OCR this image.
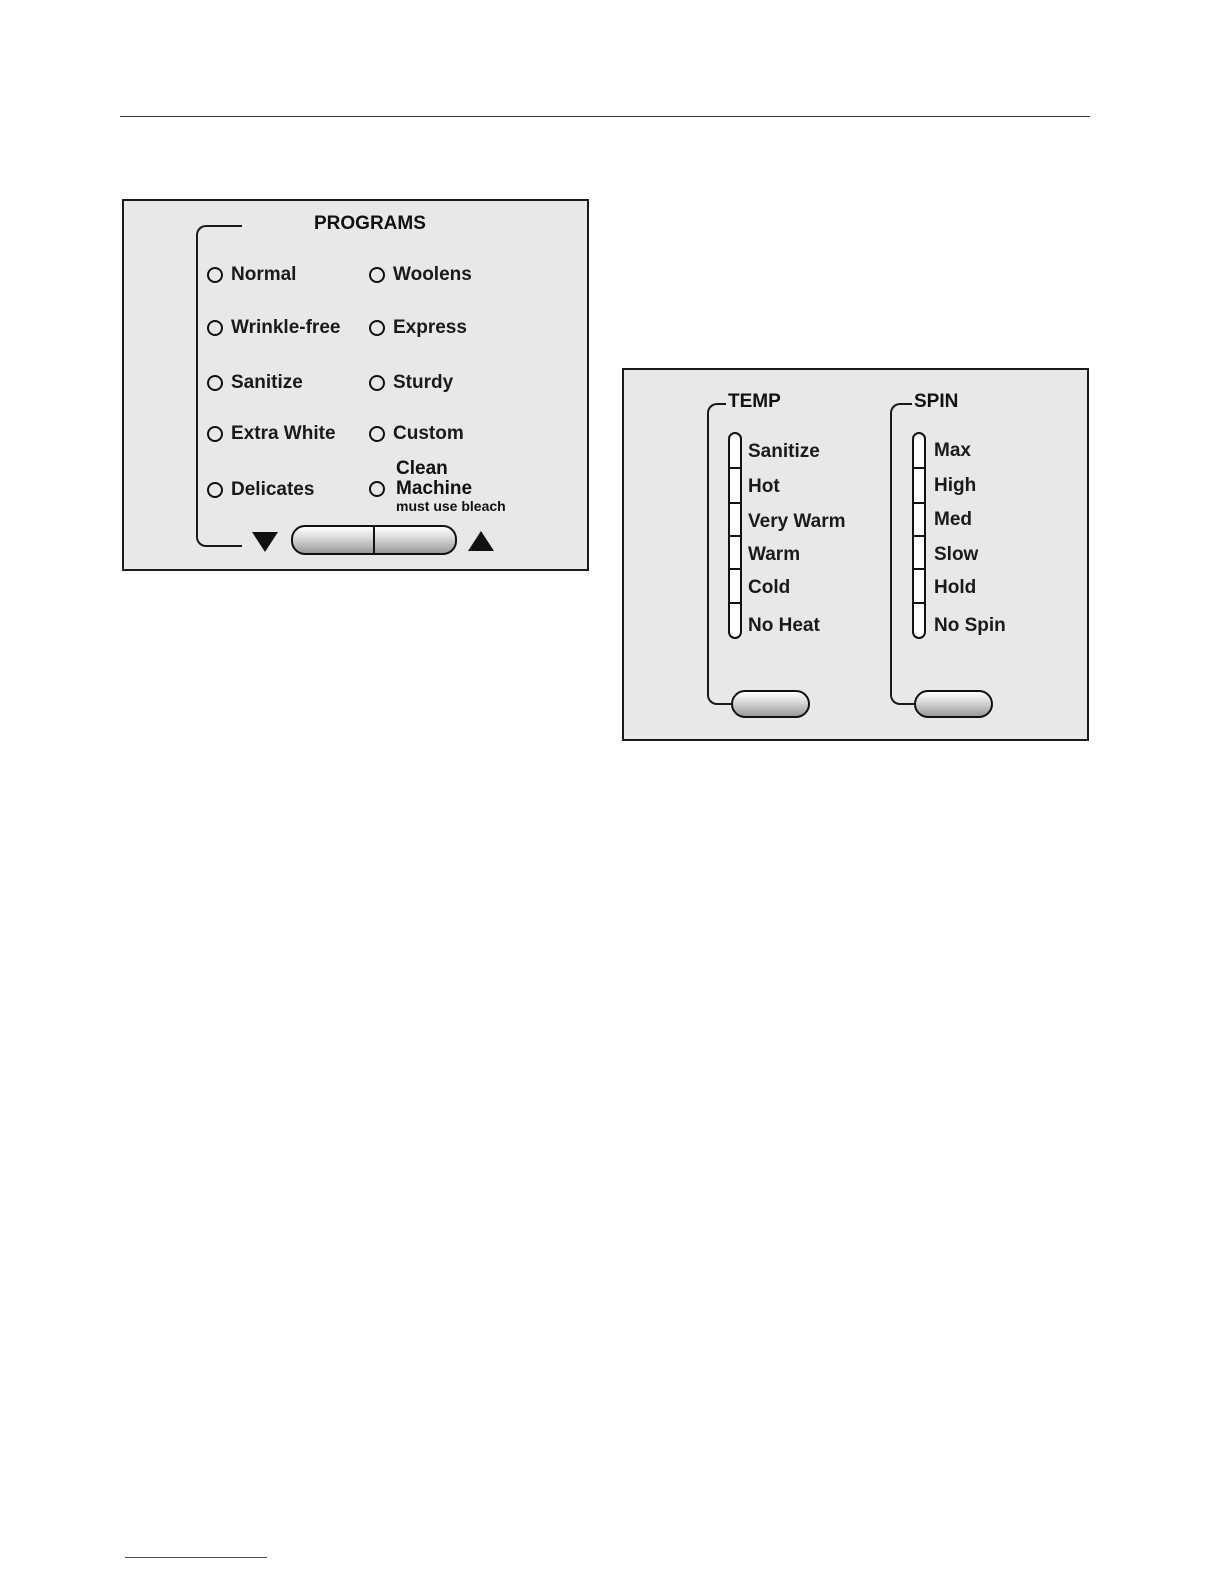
PROGRAMS
Normal
Wrinkle-free
Sanitize
Extra White
Delicates
Woolens
Express
Sturdy
Custom
Clean
Machine
must use bleach
TEMP
Sanitize
Hot
Very Warm
Warm
Cold
No Heat
SPIN
Max
High
Med
Slow
Hold
No Spin
